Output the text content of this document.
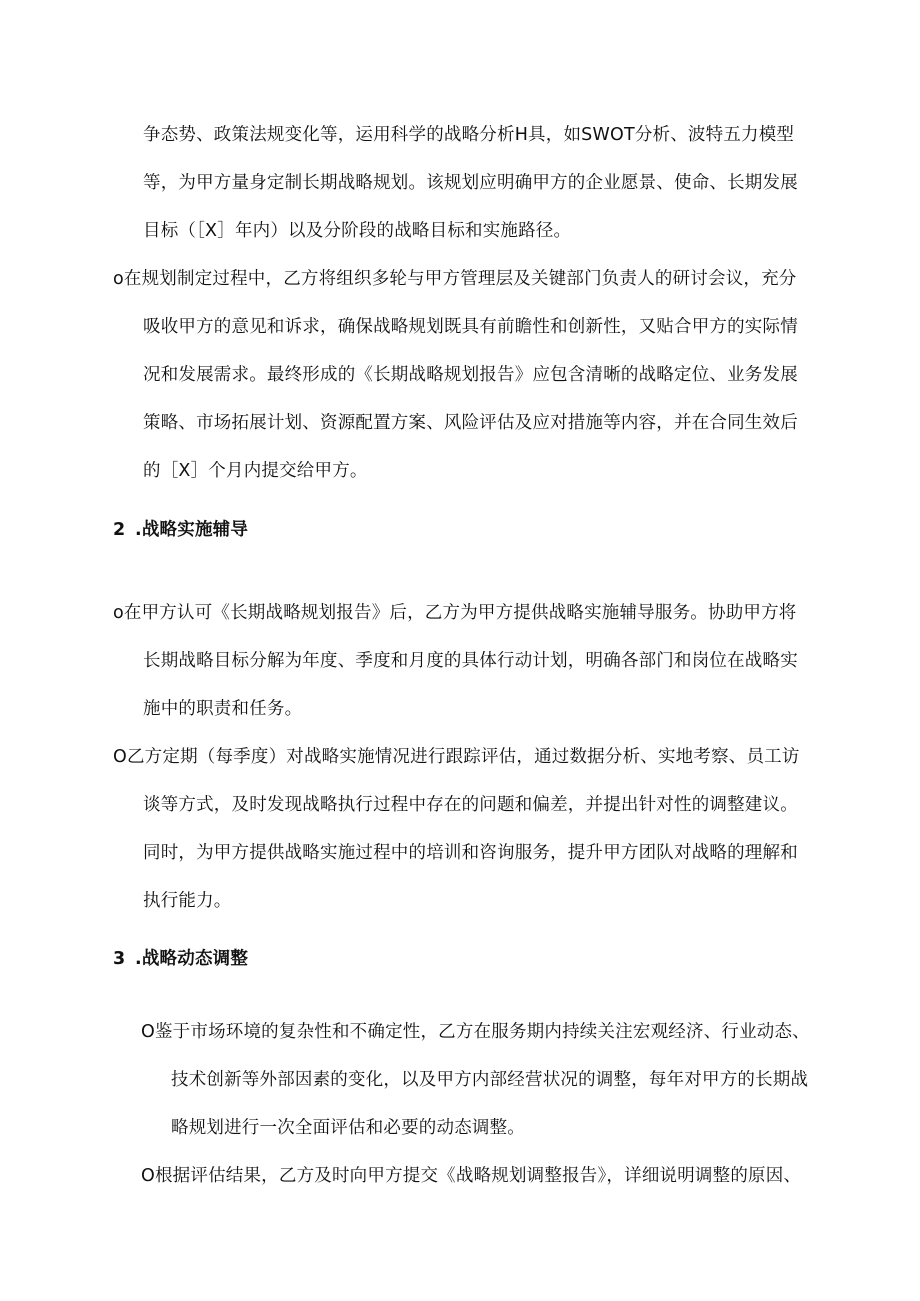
争态势、政策法规变化等，运用科学的战略分析H具，如SWOT分析、波特五力模型
等，为甲方量身定制长期战略规划。该规划应明确甲方的企业愿景、使命、长期发展
目标（［X］年内）以及分阶段的战略目标和实施路径。
o在规划制定过程中，乙方将组织多轮与甲方管理层及关键部门负责人的研讨会议，充分
吸收甲方的意见和诉求，确保战略规划既具有前瞻性和创新性，又贴合甲方的实际情
况和发展需求。最终形成的《长期战略规划报告》应包含清晰的战略定位、业务发展
策略、市场拓展计划、资源配置方案、风险评估及应对措施等内容，并在合同生效后
的［X］个月内提交给甲方。
2 .战略实施辅导
o在甲方认可《长期战略规划报告》后，乙方为甲方提供战略实施辅导服务。协助甲方将
长期战略目标分解为年度、季度和月度的具体行动计划，明确各部门和岗位在战略实
施中的职责和任务。
O乙方定期（每季度）对战略实施情况进行跟踪评估，通过数据分析、实地考察、员工访
谈等方式，及时发现战略执行过程中存在的问题和偏差，并提出针对性的调整建议。
同时，为甲方提供战略实施过程中的培训和咨询服务，提升甲方团队对战略的理解和
执行能力。
3 .战略动态调整
O鉴于市场环境的复杂性和不确定性，乙方在服务期内持续关注宏观经济、行业动态、
技术创新等外部因素的变化，以及甲方内部经营状况的调整，每年对甲方的长期战
略规划进行一次全面评估和必要的动态调整。
O根据评估结果，乙方及时向甲方提交《战略规划调整报告》，详细说明调整的原因、
